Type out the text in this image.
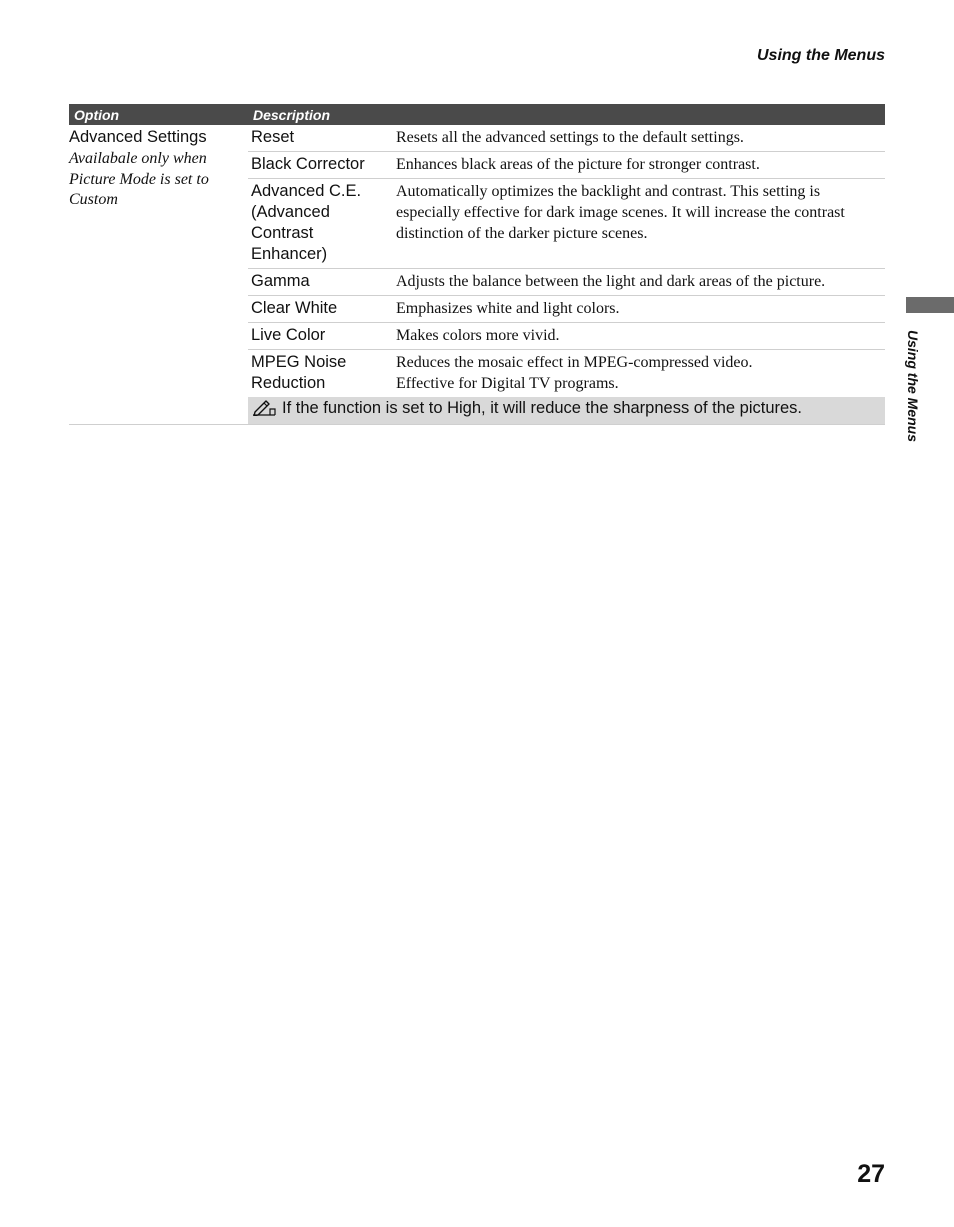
Using the Menus
Using the Menus
Option	Description	

Advanced Settings
Availabale only when Picture Mode is set to Custom	Reset	Resets all the advanced settings to the default settings.

	Black Corrector	Enhances black areas of the picture for stronger contrast.

	Advanced C.E. (Advanced Contrast Enhancer)	Automatically optimizes the backlight and contrast. This setting is especially effective for dark image scenes. It will increase the contrast distinction of the darker picture scenes.

	Gamma	Adjusts the balance between the light and dark areas of the picture.

	Clear White	Emphasizes white and light colors.

	Live Color	Makes colors more vivid.

	MPEG Noise Reduction	Reduces the mosaic effect in MPEG-compressed video.
Effective for Digital TV programs.

	If the function is set to High, it will reduce the sharpness of the pictures.	
27
